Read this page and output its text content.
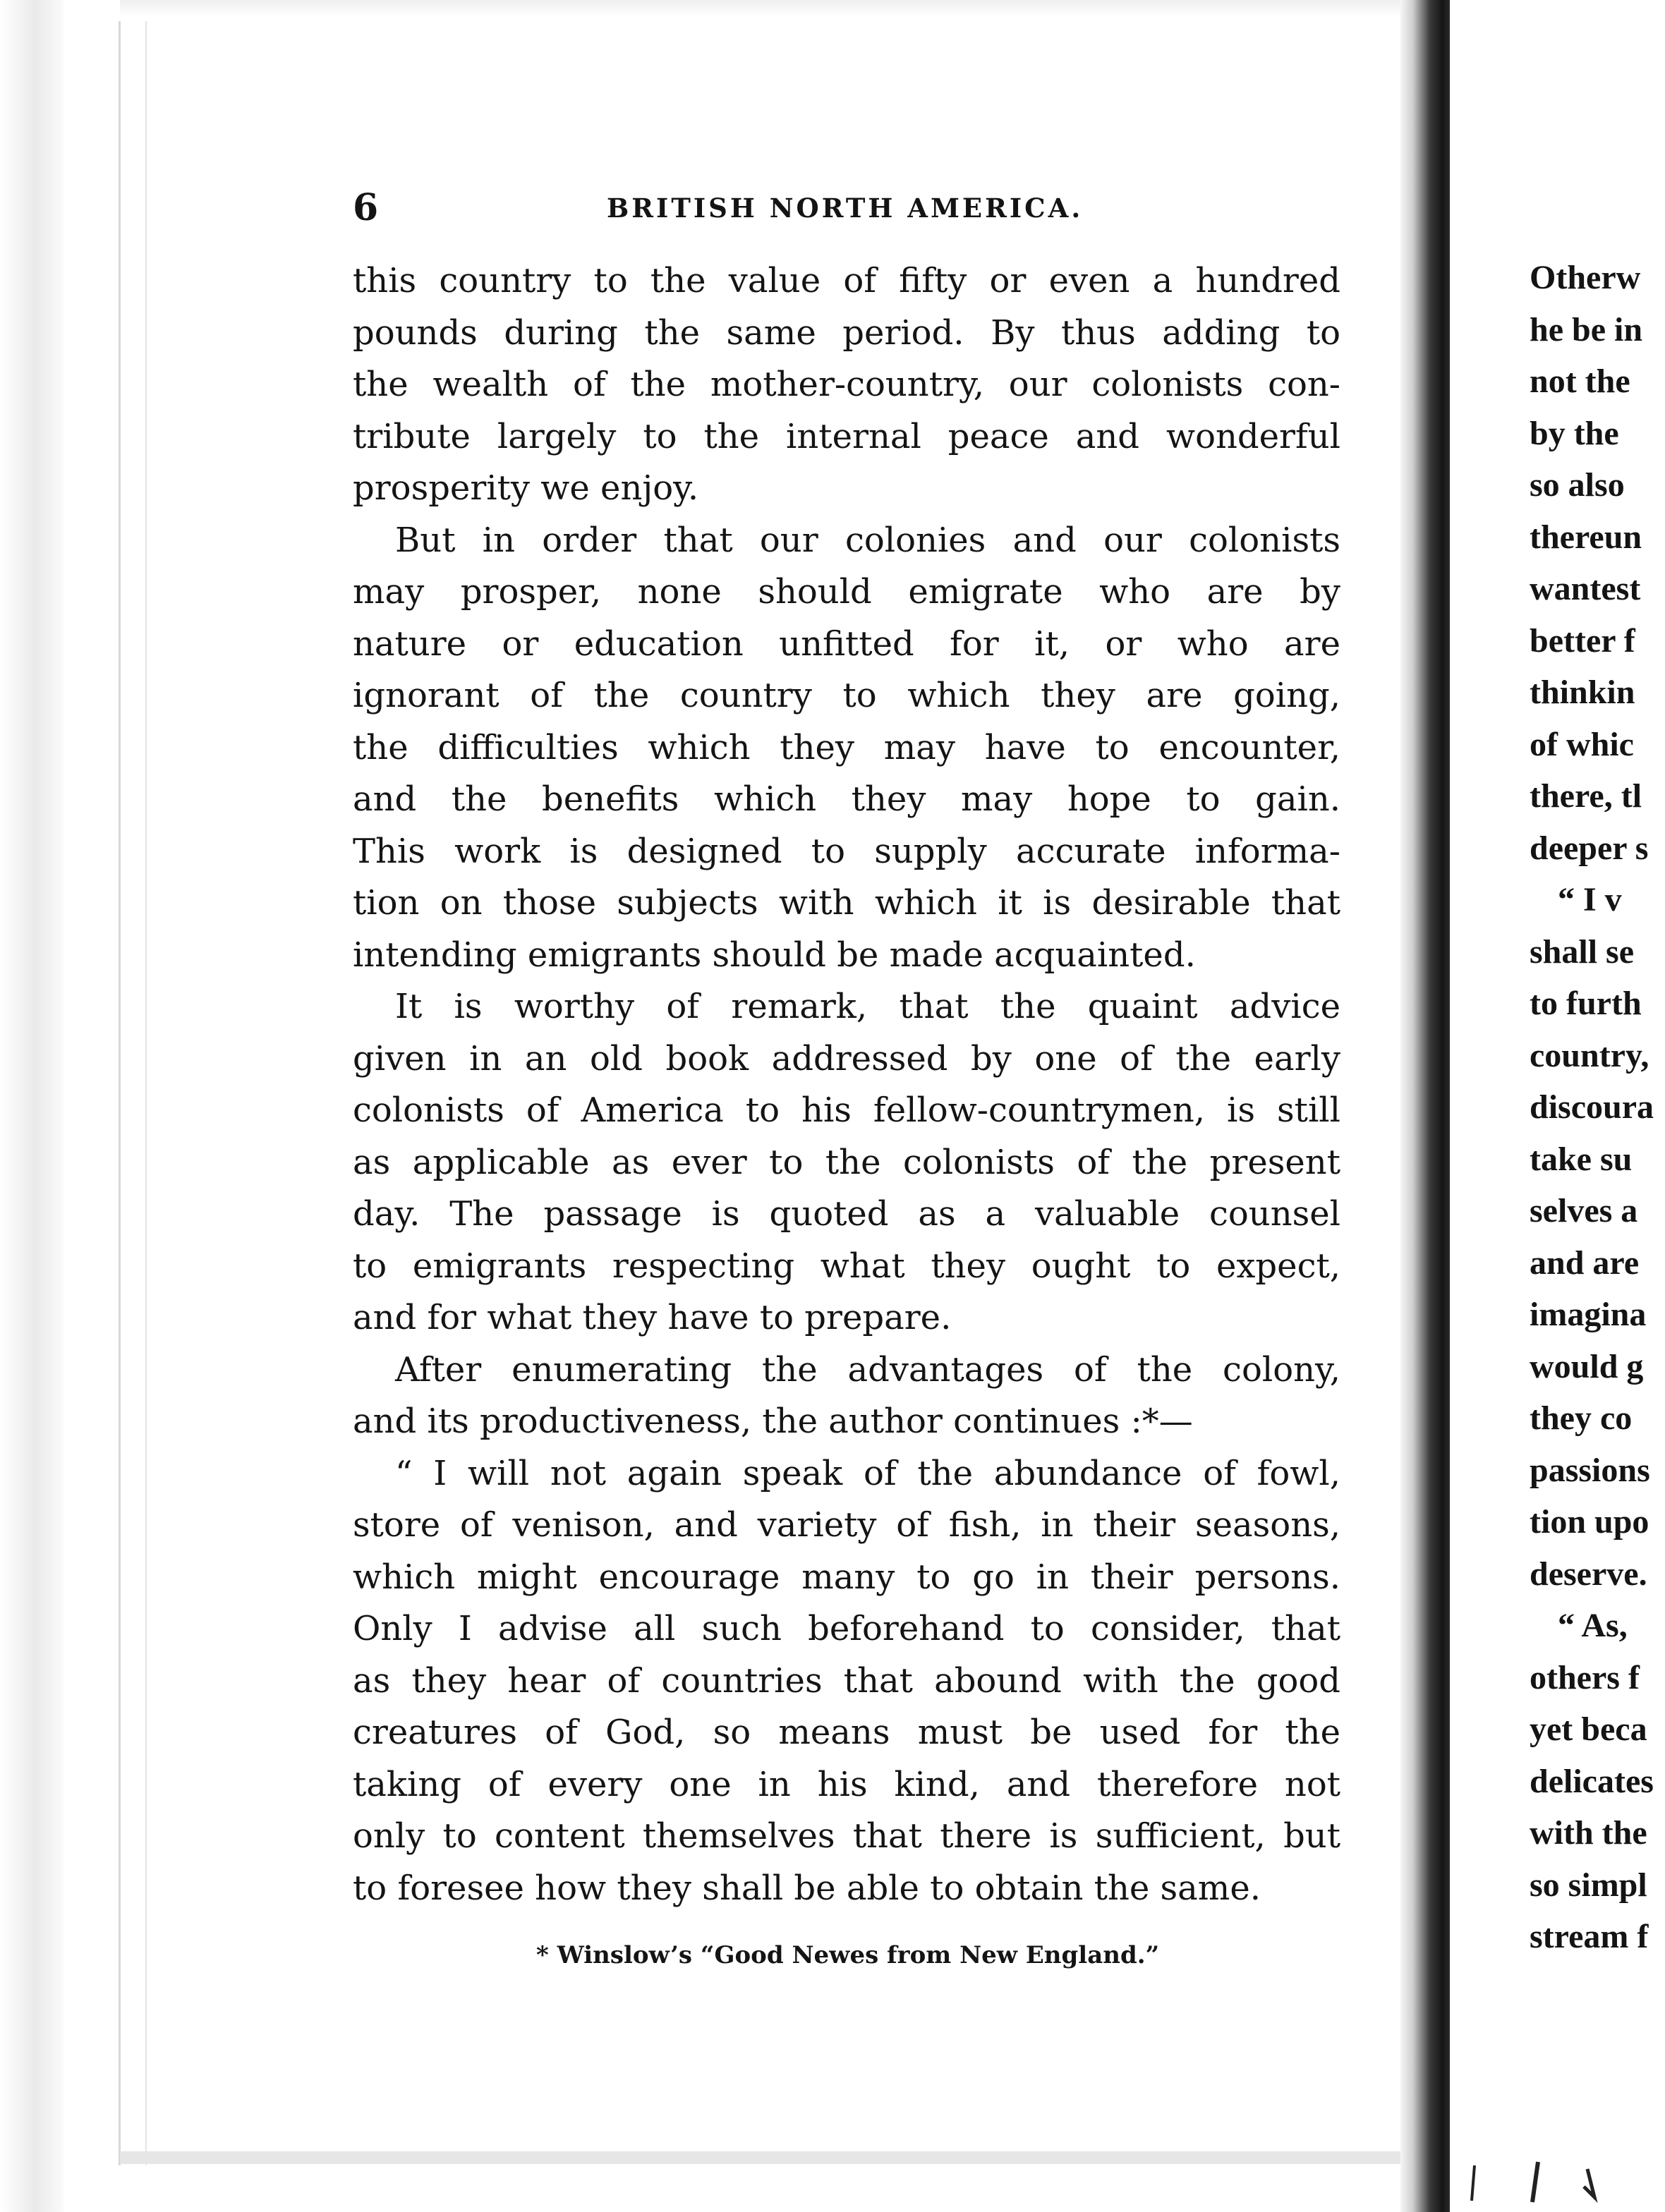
6	BRITISH NORTH AMERICA.

this country to the value of fifty or even a hundred
pounds during the same period. By thus adding to
the wealth of the mother-country, our colonists con-
tribute largely to the internal peace and wonderful
prosperity we enjoy.

But in order that our colonies and our colonists
may prosper, none should emigrate who are by
nature or education unfitted for it, or who are
ignorant of the country to which they are going,
the difficulties which they may have to encounter,
and the benefits which they may hope to gain.
This work is designed to supply accurate informa-
tion on those subjects with which it is desirable that
intending emigrants should be made acquainted.

It is worthy of remark, that the quaint advice
given in an old book addressed by one of the early
colonists of America to his fellow-countrymen, is still
as applicable as ever to the colonists of the present
day. The passage is quoted as a valuable counsel
to emigrants respecting what they ought to expect,
and for what they have to prepare.

After enumerating the advantages of the colony,
and its productiveness, the author continues :*—

“ I will not again speak of the abundance of fowl,
store of venison, and variety of fish, in their seasons,
which might encourage many to go in their persons.
Only I advise all such beforehand to consider, that
as they hear of countries that abound with the good
creatures of God, so means must be used for the
taking of every one in his kind, and therefore not
only to content themselves that there is sufficient, but
to foresee how they shall be able to obtain the same.

* Winslow’s “Good Newes from New England.”
Otherw
he be in
not the
by the
so also
thereun
wantest
better f
thinkin
of whic
there, tl
deeper s
“ I v
shall se
to furth
country,
discoura
take su
selves a
and are
imagina
would g
they co
passions
tion upo
deserve.
“ As,
others f
yet beca
delicates
with the
so simpl
stream f
